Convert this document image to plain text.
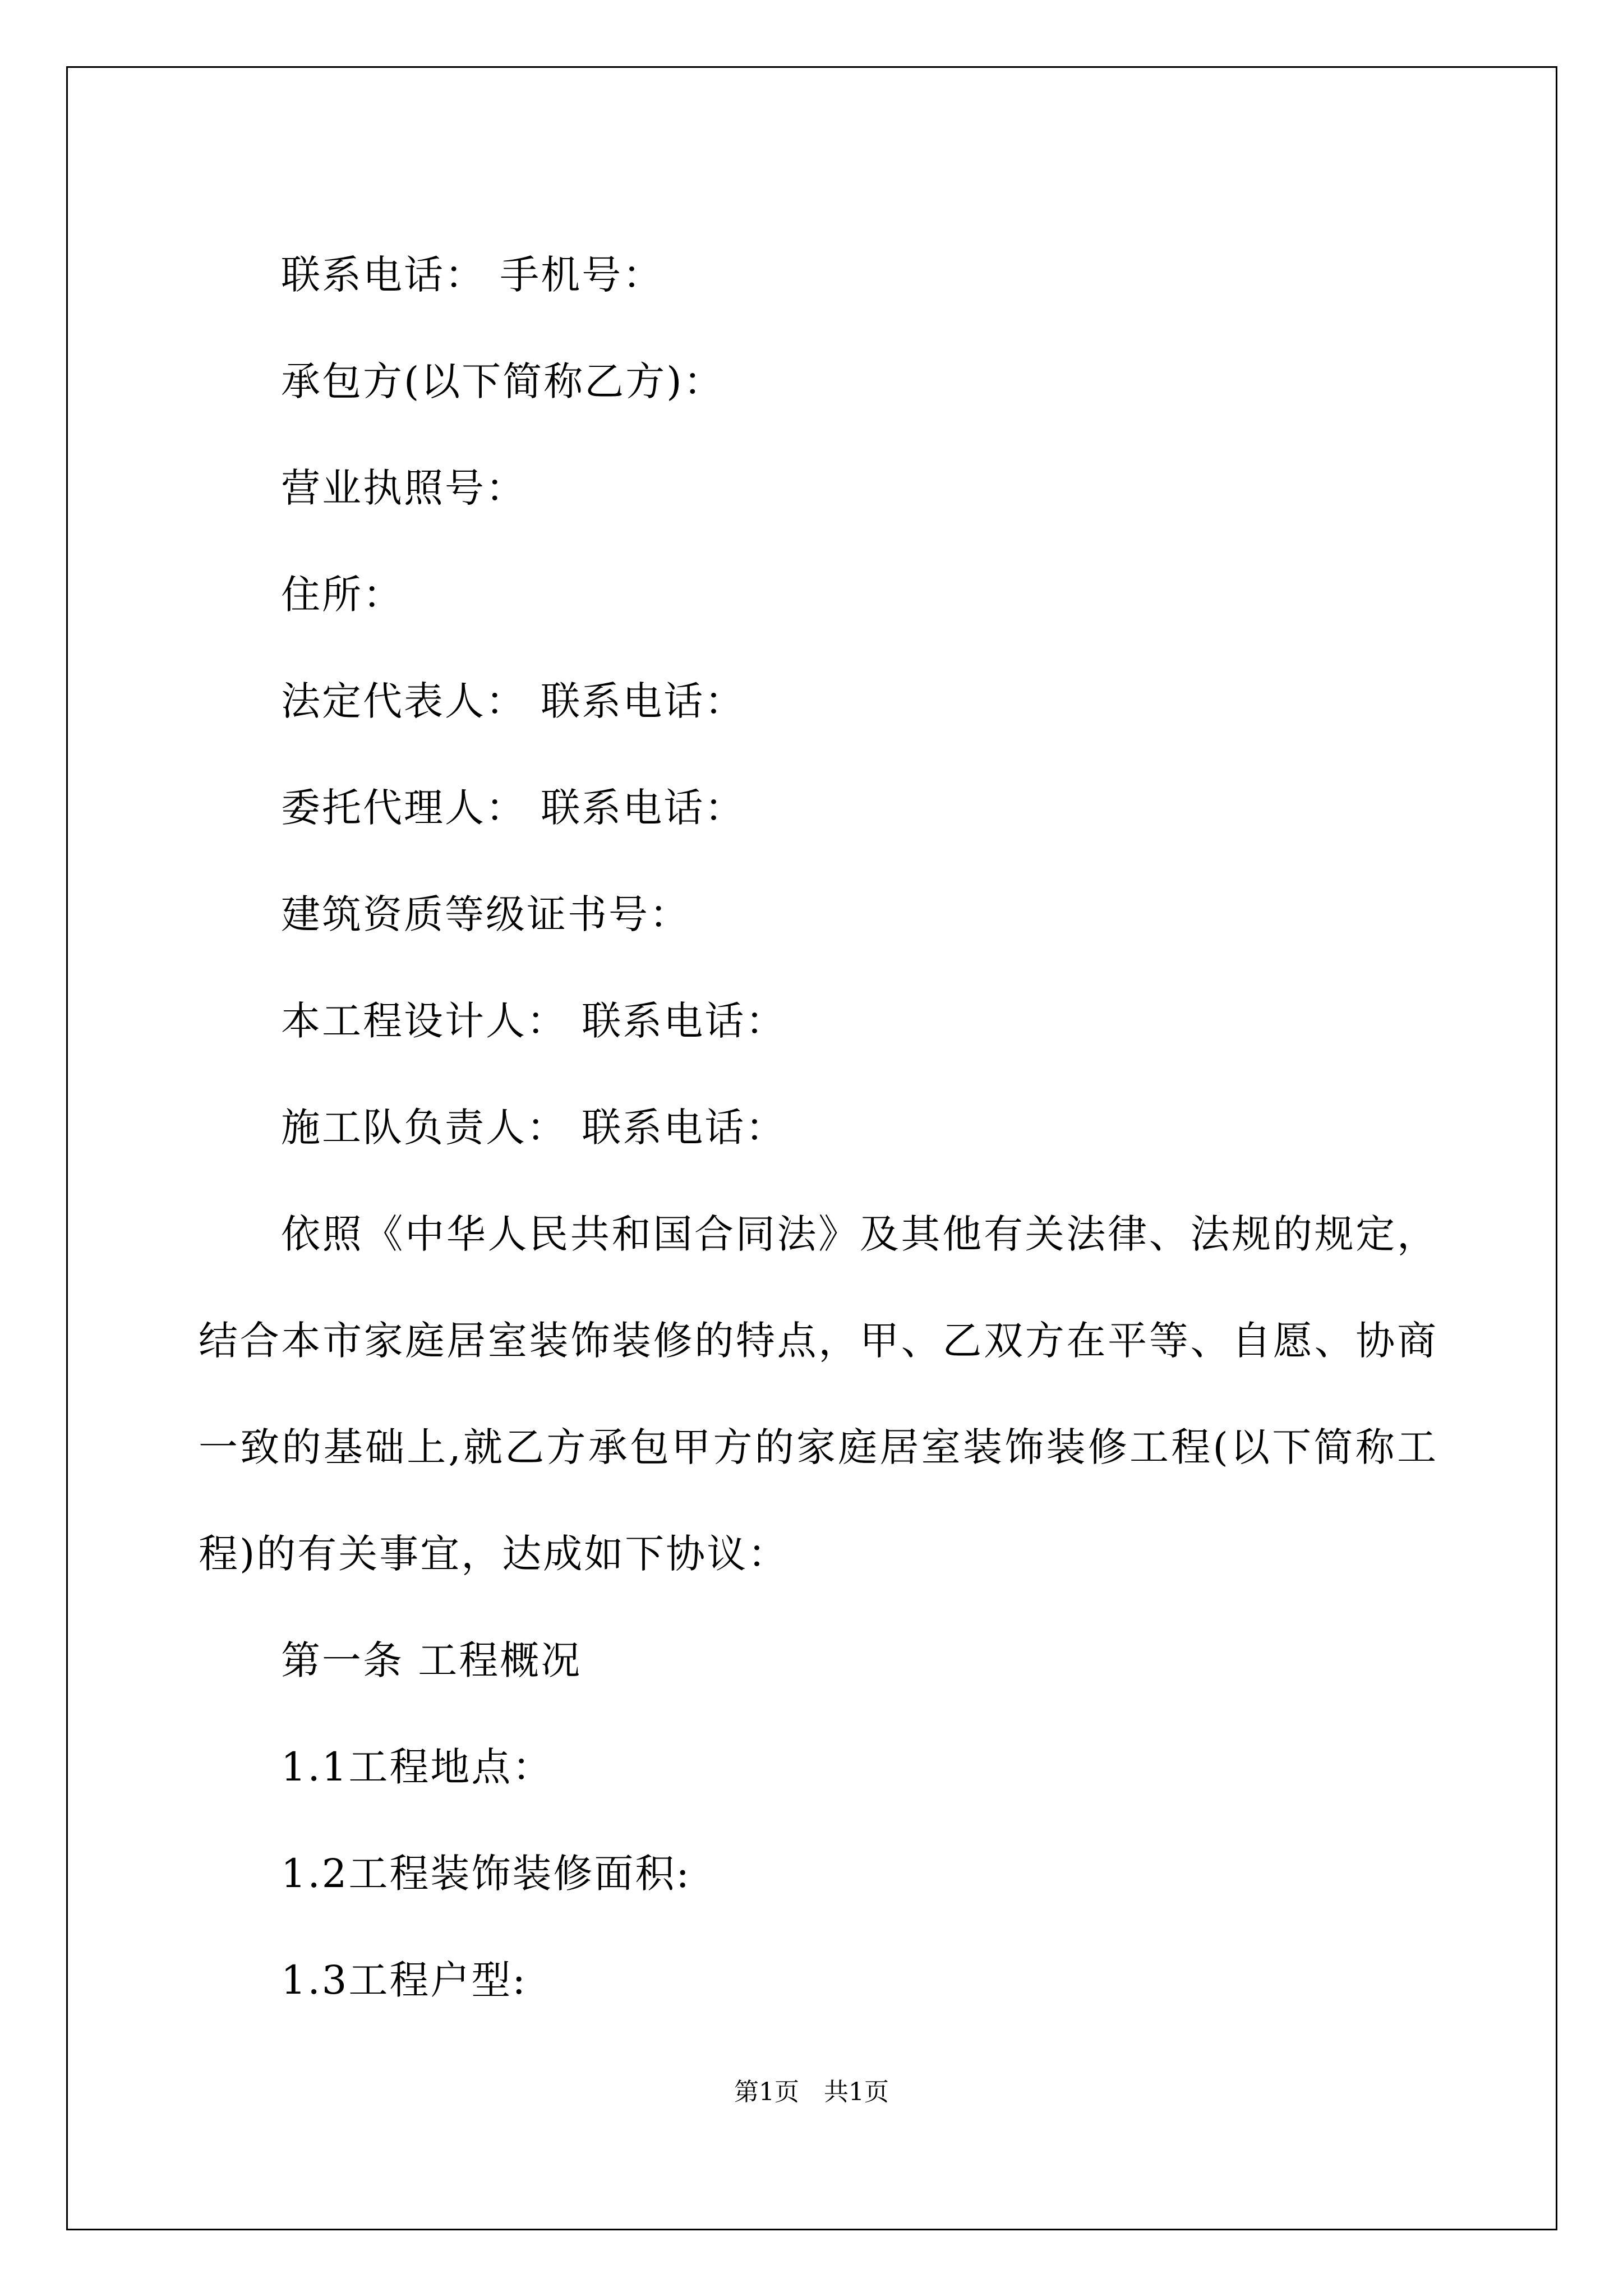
联系电话： 手机号：

承包方(以下简称乙方)：

营业执照号：

住所：

法定代表人： 联系电话：

委托代理人： 联系电话：

建筑资质等级证书号：

本工程设计人： 联系电话：

施工队负责人： 联系电话：

依照《中华人民共和国合同法》及其他有关法律、法规的规定，结合本市家庭居室装饰装修的特点，甲、乙双方在平等、自愿、协商一致的基础上,就乙方承包甲方的家庭居室装饰装修工程(以下简称工程)的有关事宜，达成如下协议：

第一条 工程概况

1.1工程地点：

1.2工程装饰装修面积:

1.3工程户型:

第1页　共1页
